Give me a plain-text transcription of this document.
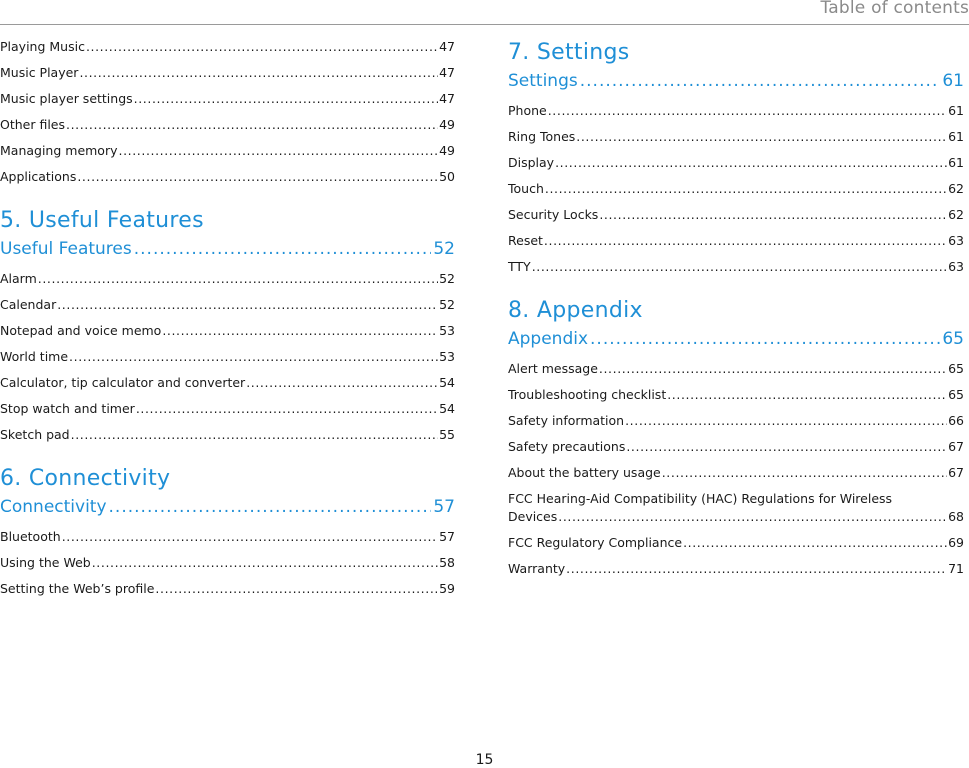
Table of contents
Playing Music .....	47
Music Player .....	47
Music player settings .....	47
Other files .....	49
Managing memory .....	49
Applications .....	50
5. Useful Features
Useful Features .....	52
Alarm .....	52
Calendar .....	52
Notepad and voice memo .....	53
World time .....	53
Calculator, tip calculator and converter .....	54
Stop watch and timer .....	54
Sketch pad .....	55
6. Connectivity
Connectivity .....	57
Bluetooth .....	57
Using the Web .....	58
Setting the Web’s profile .....	59
7. Settings
Settings .....	61
Phone .....	61
Ring Tones .....	61
Display .....	61
Touch .....	62
Security Locks .....	62
Reset .....	63
TTY .....	63
8. Appendix
Appendix .....	65
Alert message .....	65
Troubleshooting checklist .....	65
Safety information .....	66
Safety precautions .....	67
About the battery usage .....	67
FCC Hearing-Aid Compatibility (HAC) Regulations for Wireless
Devices .....	68
FCC Regulatory Compliance .....	69
Warranty .....	71
15
